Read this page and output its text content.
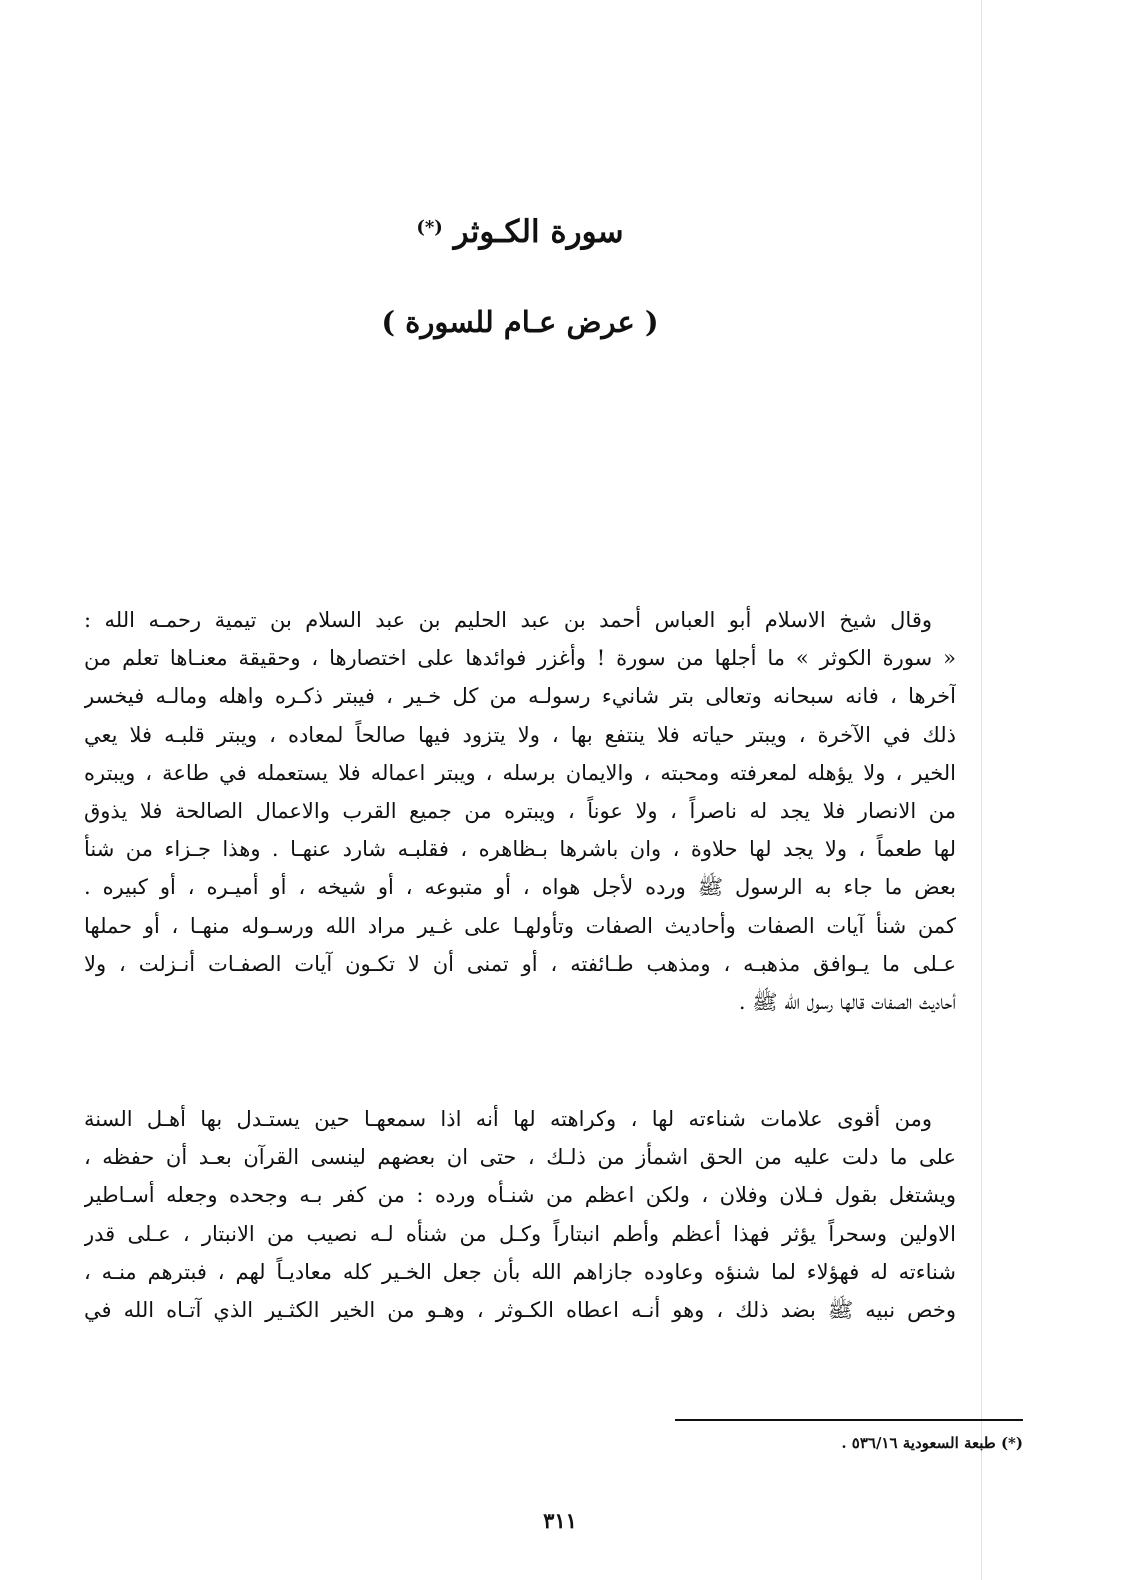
سورة الكـوثر (*)
( عرض عـام للسورة )
وقال شيخ الاسلام أبو العباس أحمد بن عبد الحليم بن عبد السلام بن تيمية رحمـه الله :
« سورة الكوثر » ما أجلها من سورة ! وأغزر فوائدها على اختصارها ، وحقيقة معنـاها تعلم من
آخرها ، فانه سبحانه وتعالى بتر شانيء رسولـه من كل خـير ، فيبتر ذكـره واهله ومالـه فيخسر
ذلك في الآخرة ، ويبتر حياته فلا ينتفع بها ، ولا يتزود فيها صالحاً لمعاده ، ويبتر قلبـه فلا يعي
الخير ، ولا يؤهله لمعرفته ومحبته ، والايمان برسله ، ويبتر اعماله فلا يستعمله في طاعة ، ويبتره
من الانصار فلا يجد له ناصراً ، ولا عوناً ، ويبتره من جميع القرب والاعمال الصالحة فلا يذوق
لها طعماً ، ولا يجد لها حلاوة ، وان باشرها بـظاهره ، فقلبـه شارد عنهـا . وهذا جـزاء من شنأ
بعض ما جاء به الرسول ﷺ ورده لأجل هواه ، أو متبوعه ، أو شيخه ، أو أميـره ، أو كبيره .
كمن شنأ آيات الصفات وأحاديث الصفات وتأولهـا على غـير مراد الله ورسـوله منهـا ، أو حملها
عـلى ما يـوافق مذهبـه ، ومذهب طـائفته ، أو تمنى أن لا تكـون آيات الصفـات أنـزلت ، ولا
أحاديث الصفات قالها رسول الله ﷺ .
ومن أقوى علامات شناءته لها ، وكراهته لها أنه اذا سمعهـا حين يستـدل بها أهـل السنة
على ما دلت عليه من الحق اشمأز من ذلـك ، حتى ان بعضهم لينسى القرآن بعـد أن حفظه ،
ويشتغل بقول فـلان وفلان ، ولكن اعظم من شنـأه ورده : من كفر بـه وجحده وجعله أسـاطير
الاولين وسحراً يؤثر فهذا أعظم وأطم انبتاراً وكـل من شنأه لـه نصيب من الانبتار ، عـلى قدر
شناءته له فهؤلاء لما شنؤه وعاوده جازاهم الله بأن جعل الخـير كله معاديـاً لهم ، فبترهم منـه ،
وخص نبيه ﷺ بضد ذلك ، وهو أنـه اعطاه الكـوثر ، وهـو من الخير الكثـير الذي آتـاه الله في
(*) طبعة السعودية ٥٣٦/١٦ .
٣١١
